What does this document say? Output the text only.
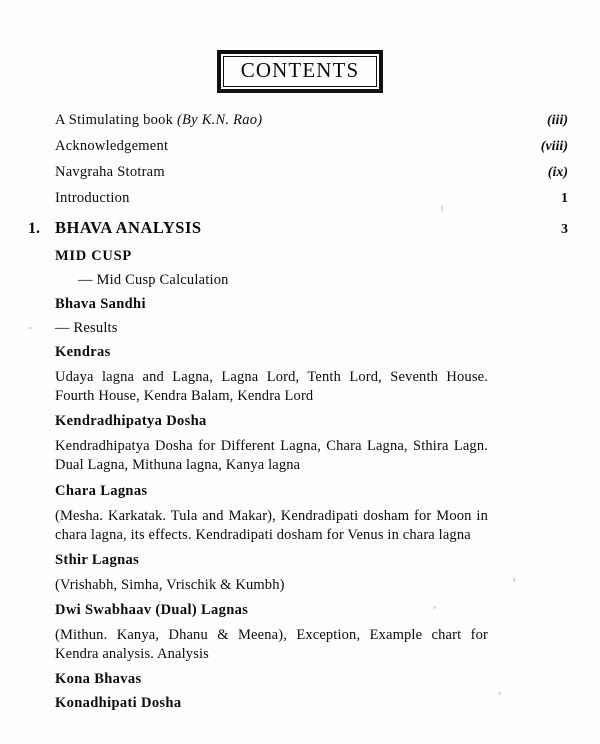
CONTENTS
A Stimulating book (By K.N. Rao)	(iii)
Acknowledgement	(viii)
Navgraha Stotram	(ix)
Introduction	1
1. BHAVA ANALYSIS	3
MID CUSP
— Mid Cusp Calculation
Bhava Sandhi
— Results
Kendras
Udaya lagna and Lagna, Lagna Lord, Tenth Lord, Seventh House. Fourth House, Kendra Balam, Kendra Lord
Kendradhipatya Dosha
Kendradhipatya Dosha for Different Lagna, Chara Lagna, Sthira Lagn. Dual Lagna, Mithuna lagna, Kanya lagna
Chara Lagnas
(Mesha. Karkatak. Tula and Makar), Kendradipati dosham for Moon in chara lagna, its effects. Kendradipati dosham for Venus in chara lagna
Sthir Lagnas
(Vrishabh, Simha, Vrischik & Kumbh)
Dwi Swabhaav (Dual) Lagnas
(Mithun. Kanya, Dhanu & Meena), Exception, Example chart for Kendra analysis. Analysis
Kona Bhavas
Konadhipati Dosha
